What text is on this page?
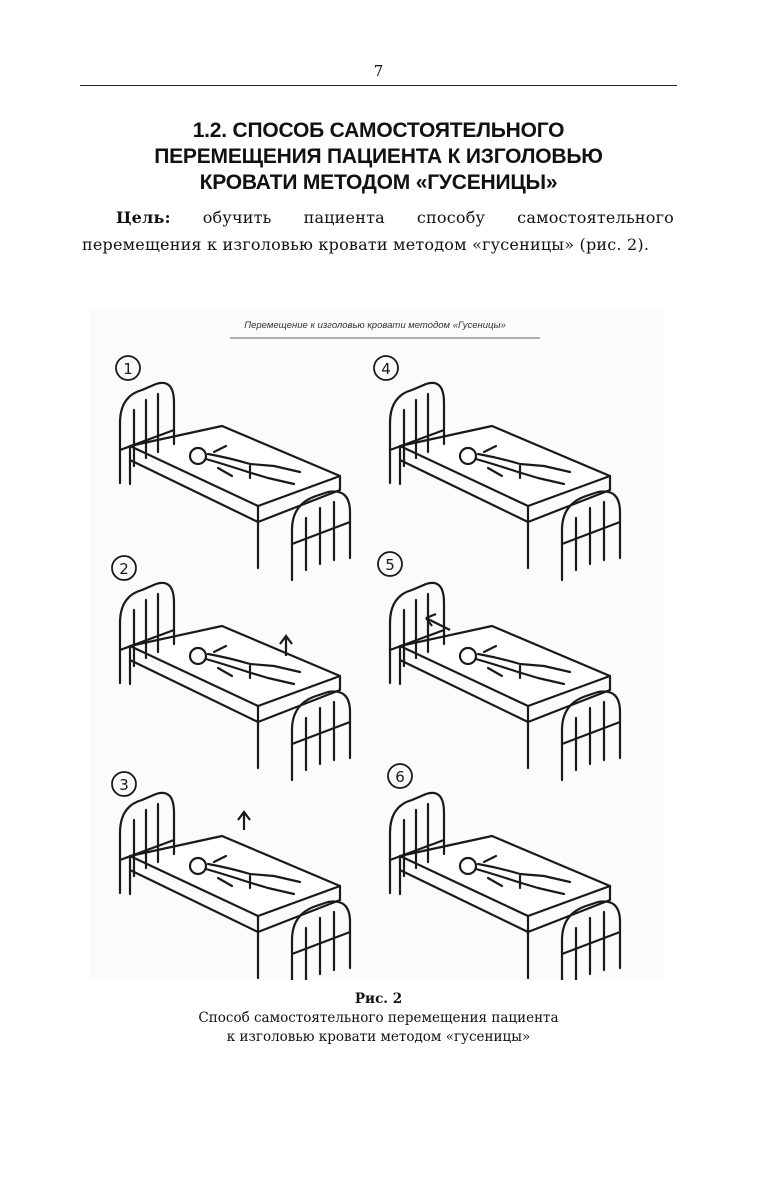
7
1.2. СПОСОБ САМОСТОЯТЕЛЬНОГО
ПЕРЕМЕЩЕНИЯ ПАЦИЕНТА К ИЗГОЛОВЬЮ
КРОВАТИ МЕТОДОМ «ГУСЕНИЦЫ»

Цель: обучить пациента способу самостоятельного перемещения к изголовью кровати методом «гусеницы» (рис. 2).

Перемещение к изголовью кровати методом «Гусеницы»
1	4
2	5
3	6
Рис. 2
Способ самостоятельного перемещения пациента
к изголовью кровати методом «гусеницы»
